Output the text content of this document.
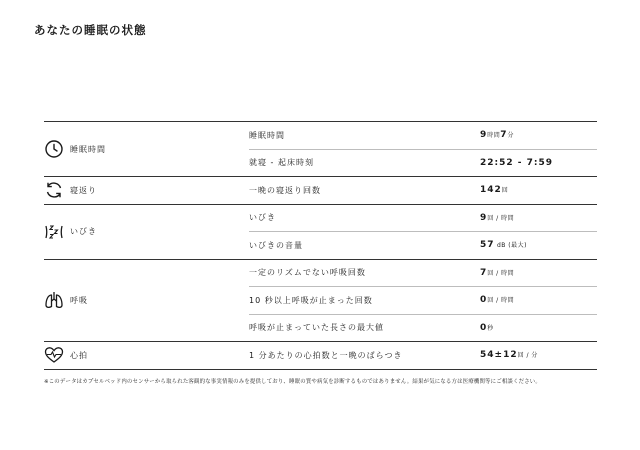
あなたの睡眠の状態
睡眠時間	睡眠時間	9時間7分
	就寝 - 起床時刻	22:52 - 7:59

寝返り	一晩の寝返り回数	142回

いびき	いびき	9回 / 時間
	いびきの音量	57 dB (最大)

呼吸	一定のリズムでない呼吸回数	7回 / 時間
	10 秒以上呼吸が止まった回数	0回 / 時間
	呼吸が止まっていた長さの最大値	0秒

心拍	1 分あたりの心拍数と一晩のばらつき	54±12回 / 分
※このデータはカプセルベッド内のセンサーから取られた客観的な事実情報のみを提供しており、睡眠の質や病気を診断するものではありません。結果が気になる方は医療機関等にご相談ください。
